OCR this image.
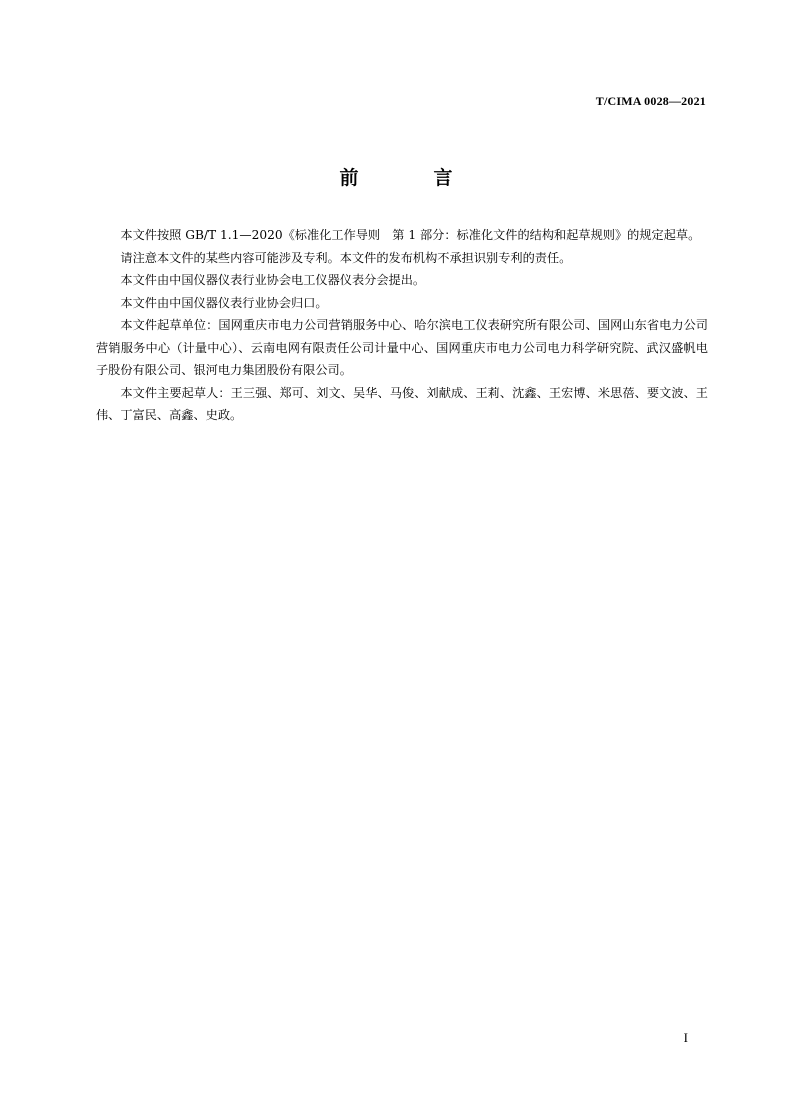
T/CIMA 0028—2021
前　言

本文件按照 GB/T 1.1—2020《标准化工作导则　第 1 部分：标准化文件的结构和起草规则》的规定起草。

请注意本文件的某些内容可能涉及专利。本文件的发布机构不承担识别专利的责任。

本文件由中国仪器仪表行业协会电工仪器仪表分会提出。

本文件由中国仪器仪表行业协会归口。

本文件起草单位：国网重庆市电力公司营销服务中心、哈尔滨电工仪表研究所有限公司、国网山东省电力公司营销服务中心（计量中心）、云南电网有限责任公司计量中心、国网重庆市电力公司电力科学研究院、武汉盛帆电子股份有限公司、银河电力集团股份有限公司。

本文件主要起草人：王三强、郑可、刘文、吴华、马俊、刘献成、王莉、沈鑫、王宏博、米思蓓、要文波、王伟、丁富民、高鑫、史政。

I
